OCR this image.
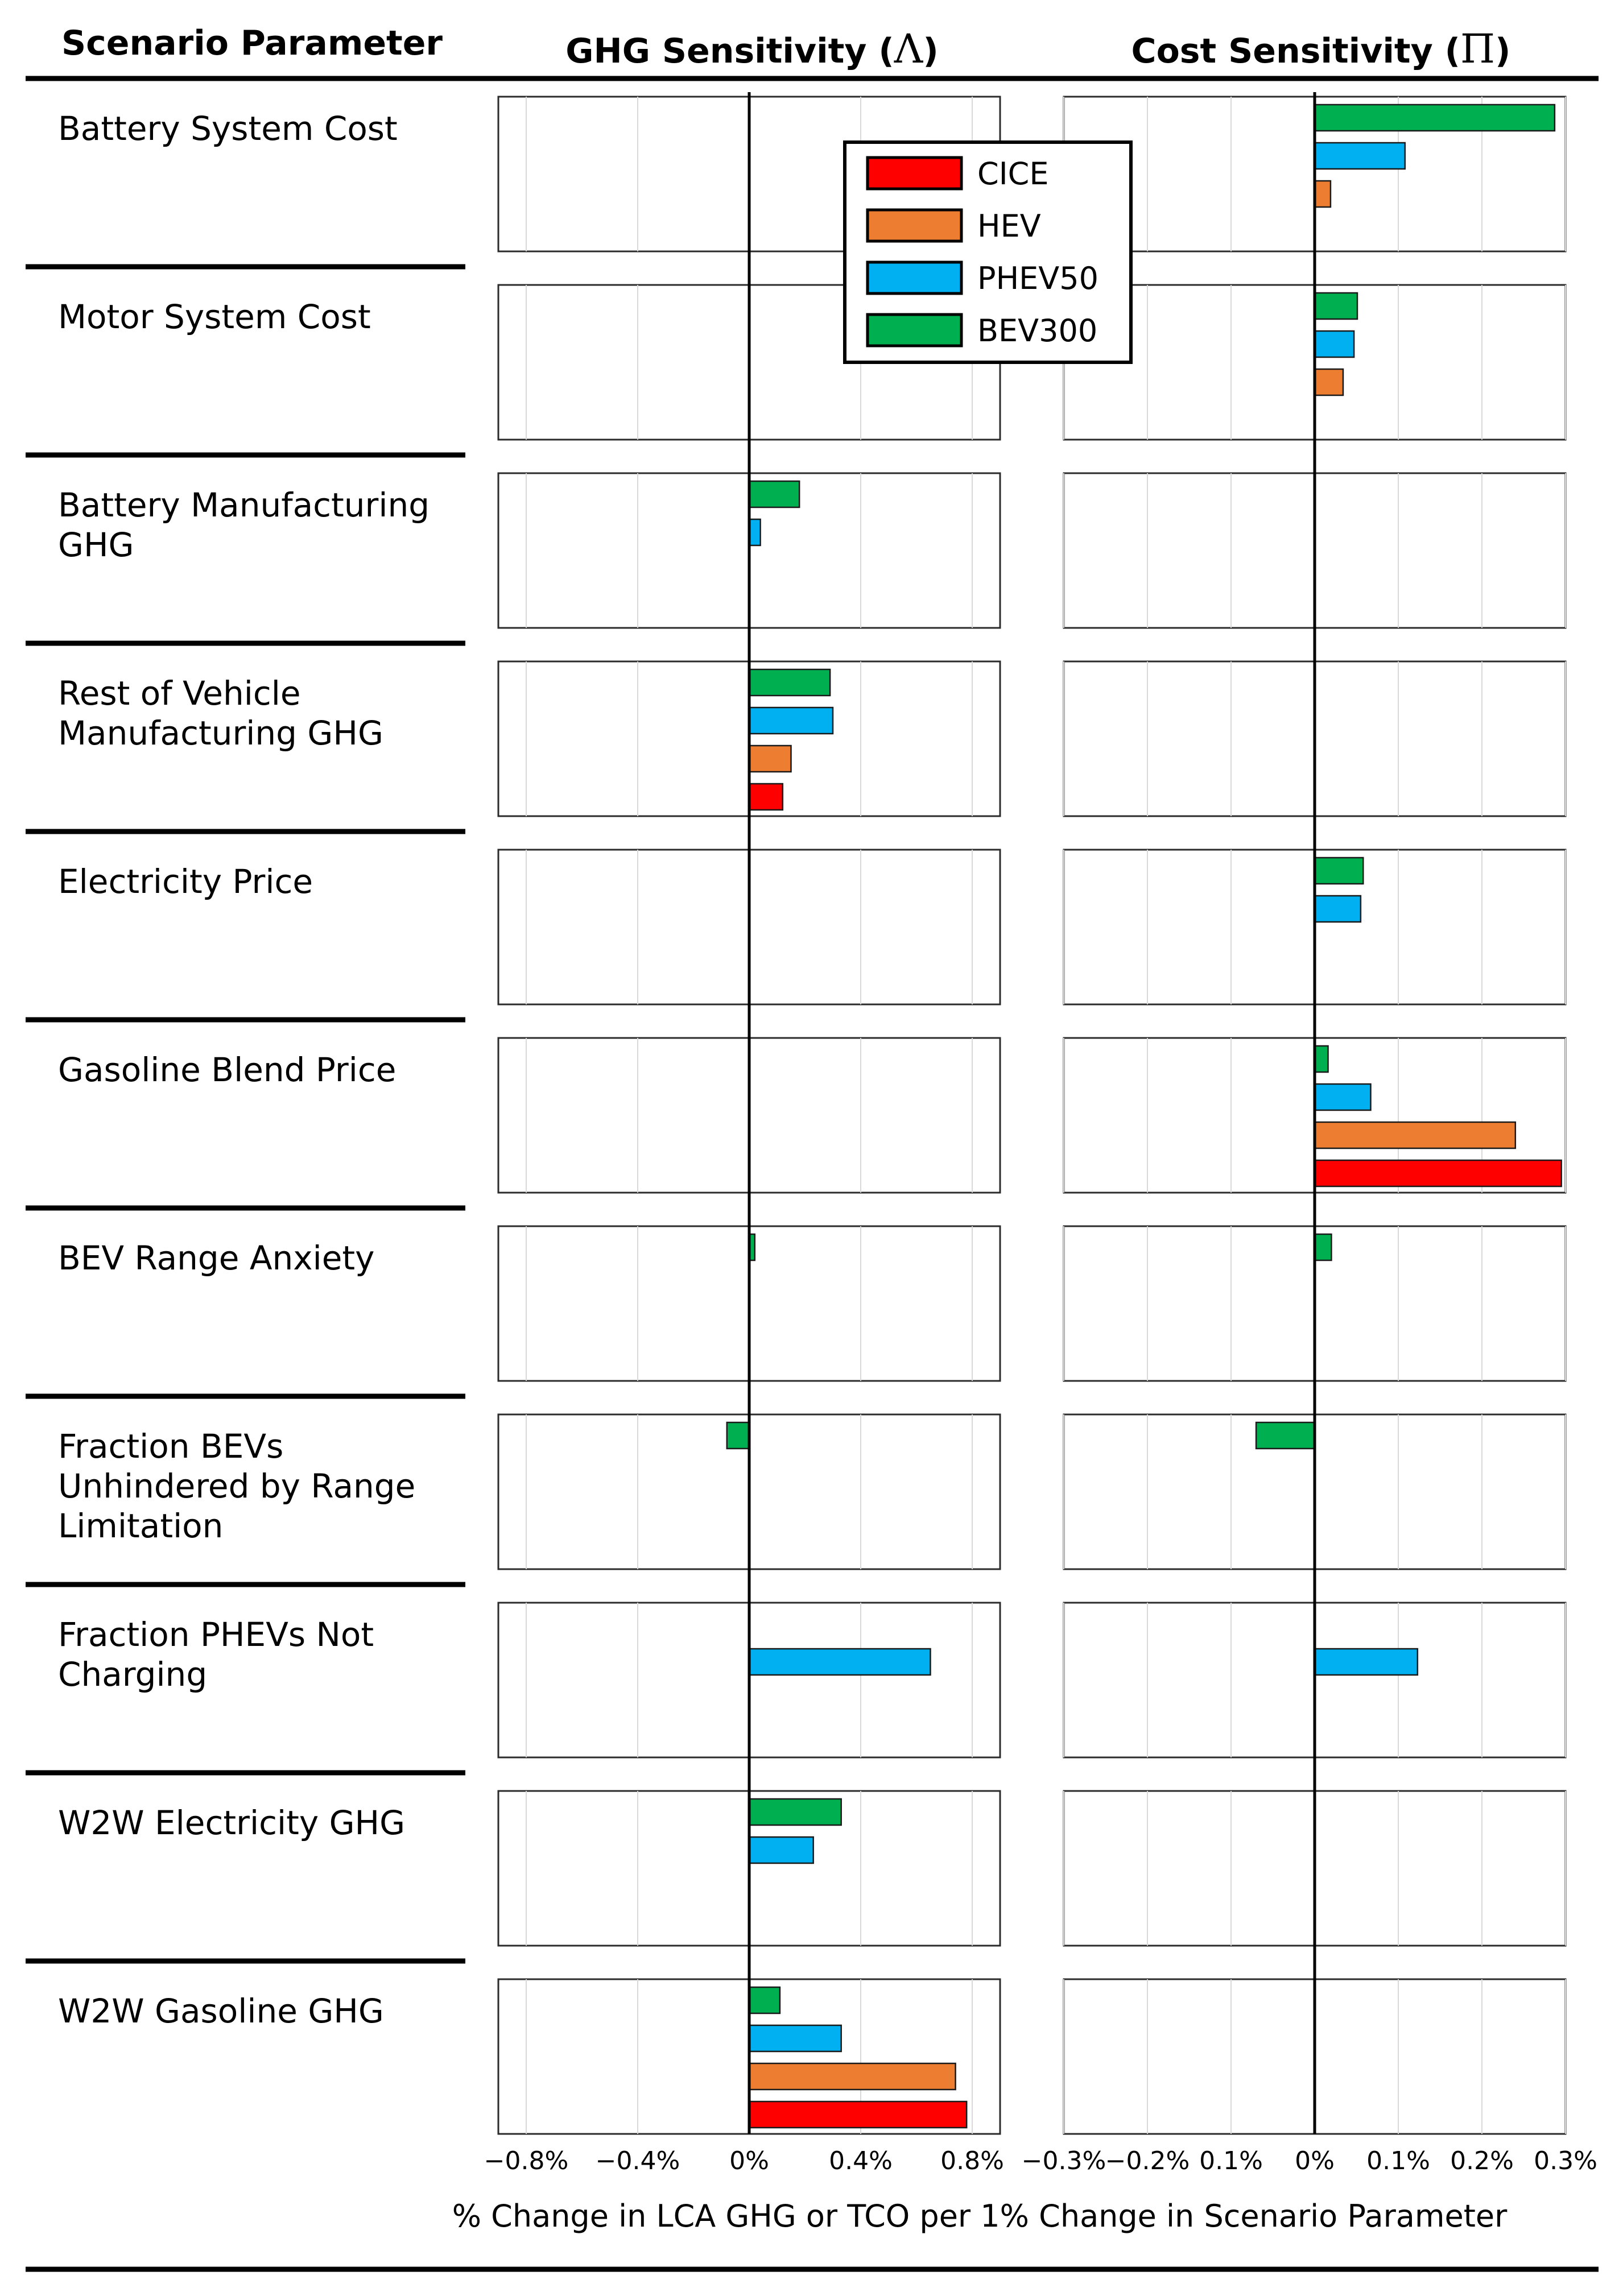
Scenario Parameter	GHG Sensitivity (Λ)	Cost Sensitivity (Π)
Battery System Cost
Motor System Cost
Battery Manufacturing GHG
Rest of Vehicle Manufacturing GHG
Electricity Price
Gasoline Blend Price
BEV Range Anxiety
Fraction BEVs Unhindered by Range Limitation
Fraction PHEVs Not Charging
W2W Electricity GHG
W2W Gasoline GHG
−0.8% −0.4% 0% 0.4% 0.8% −0.3%
−0.2% 0.1% 0% 0.1% 0.2% 0.3%
CICE
HEV
PHEV50
BEV300
% Change in LCA GHG or TCO per 1% Change in Scenario Parameter
